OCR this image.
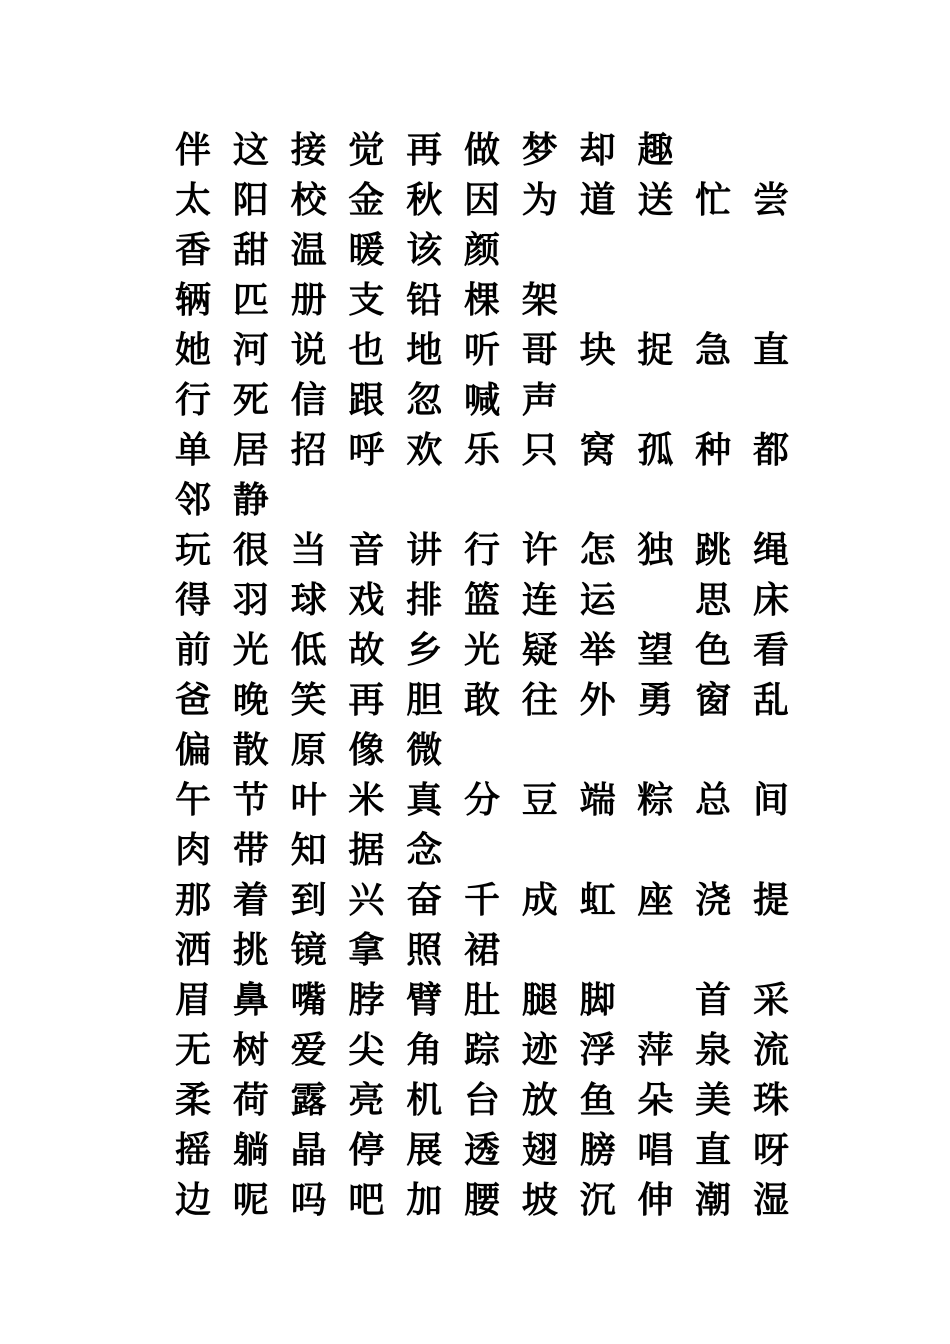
伴 这 接 觉 再 做 梦 却 趣
太 阳 校 金 秋 因 为 道 送 忙 尝
香 甜 温 暖 该 颜
辆 匹 册 支 铅 棵 架
她 河 说 也 地 听 哥 块 捉 急 直
行 死 信 跟 忽 喊 声
单 居 招 呼 欢 乐 只 窝 孤 种 都
邻 静
玩 很 当 音 讲 行 许 怎 独 跳 绳
得 羽 球 戏 排 篮 连 运	思 床
前 光 低 故 乡 光 疑 举 望 色 看
爸 晚 笑 再 胆 敢 往 外 勇 窗 乱
偏 散 原 像 微
午 节 叶 米 真 分 豆 端 粽 总 间
肉 带 知 据 念
那 着 到 兴 奋 千 成 虹 座 浇 提
洒 挑 镜 拿 照 裙
眉 鼻 嘴 脖 臂 肚 腿 脚	首 采
无 树 爱 尖 角 踪 迹 浮 萍 泉 流
柔 荷 露 亮 机 台 放 鱼 朵 美 珠
摇 躺 晶 停 展 透 翅 膀 唱 直 呀
边 呢 吗 吧 加 腰 坡 沉 伸 潮 湿
